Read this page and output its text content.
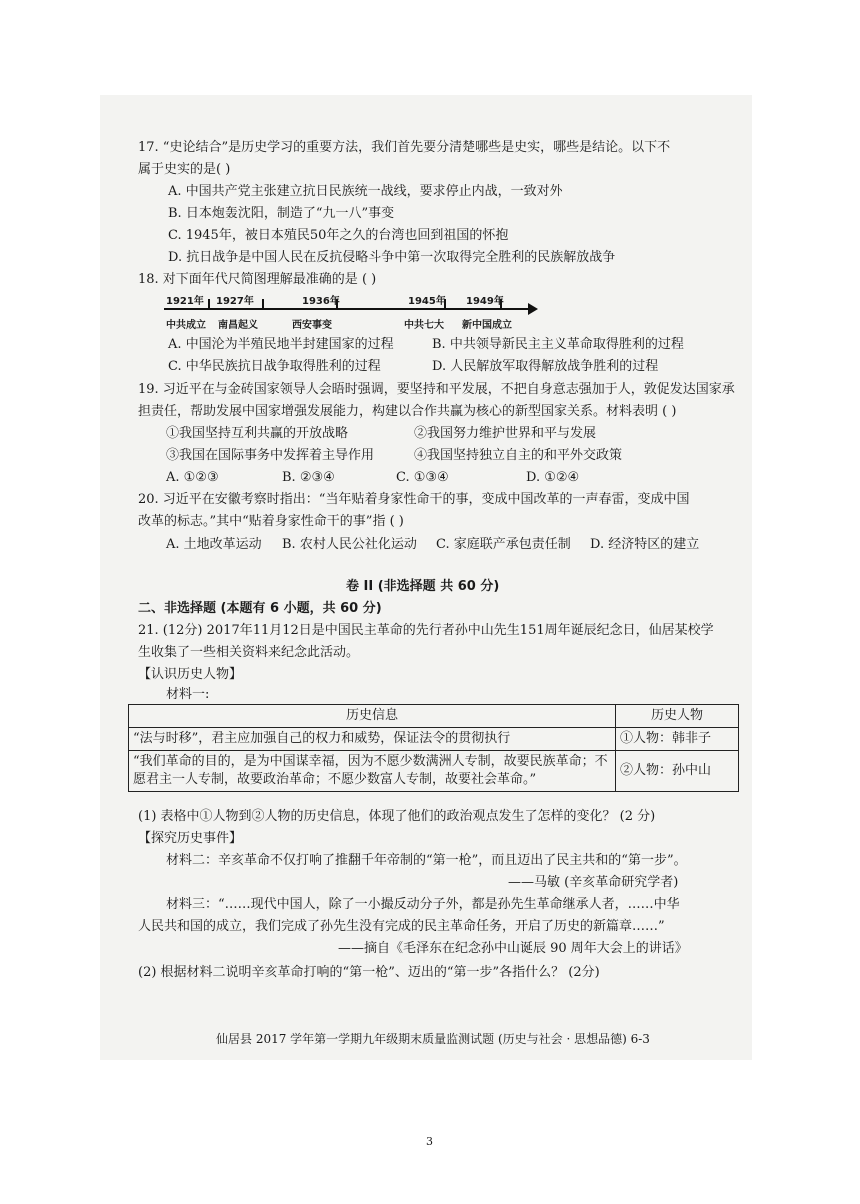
17. “史论结合”是历史学习的重要方法，我们首先要分清楚哪些是史实，哪些是结论。以下不
属于史实的是( )
A. 中国共产党主张建立抗日民族统一战线，要求停止内战，一致对外
B. 日本炮轰沈阳，制造了“九一八”事变
C. 1945年，被日本殖民50年之久的台湾也回到祖国的怀抱
D. 抗日战争是中国人民在反抗侵略斗争中第一次取得完全胜利的民族解放战争
18. 对下面年代尺简图理解最准确的是 ( )
1921年 1927年	1936年	1945年 1949年
中共成立 南昌起义	西安事变	中共七大 新中国成立
A. 中国沦为半殖民地半封建国家的过程	B. 中共领导新民主主义革命取得胜利的过程
C. 中华民族抗日战争取得胜利的过程	D. 人民解放军取得解放战争胜利的过程
19. 习近平在与金砖国家领导人会晤时强调，要坚持和平发展，不把自身意志强加于人，敦促发达国家承
担责任，帮助发展中国家增强发展能力，构建以合作共赢为核心的新型国家关系。材料表明 ( )
①我国坚持互利共赢的开放战略	②我国努力维护世界和平与发展
③我国在国际事务中发挥着主导作用	④我国坚持独立自主的和平外交政策
A. ①②③	B. ②③④	C. ①③④	D. ①②④
20. 习近平在安徽考察时指出：“当年贴着身家性命干的事，变成中国改革的一声春雷，变成中国
改革的标志。”其中“贴着身家性命干的事”指 ( )
A. 土地改革运动 B. 农村人民公社化运动 C. 家庭联产承包责任制 D. 经济特区的建立
卷 II (非选择题 共 60 分)
二、非选择题 (本题有 6 小题，共 60 分)
21. (12分) 2017年11月12日是中国民主革命的先行者孙中山先生151周年诞辰纪念日，仙居某校学
生收集了一些相关资料来纪念此活动。
【认识历史人物】
材料一:
历史信息	历史人物
“法与时移”，君主应加强自己的权力和威势，保证法令的贯彻执行	①人物：韩非子
“我们革命的目的，是为中国谋幸福，因为不愿少数满洲人专制，故要民族革命；不愿君主一人专制，故要政治革命；不愿少数富人专制，故要社会革命。”	②人物：孙中山
(1) 表格中①人物到②人物的历史信息，体现了他们的政治观点发生了怎样的变化？ (2 分)
【探究历史事件】
材料二：辛亥革命不仅打响了推翻千年帝制的“第一枪”，而且迈出了民主共和的“第一步”。
——马敏 (辛亥革命研究学者)
材料三：“……现代中国人，除了一小撮反动分子外，都是孙先生革命继承人者，……中华
人民共和国的成立，我们完成了孙先生没有完成的民主革命任务，开启了历史的新篇章……”
——摘自《毛泽东在纪念孙中山诞辰 90 周年大会上的讲话》
(2) 根据材料二说明辛亥革命打响的“第一枪”、迈出的“第一步”各指什么？ (2分)
仙居县 2017 学年第一学期九年级期末质量监测试题 (历史与社会 · 思想品德) 6-3
3
